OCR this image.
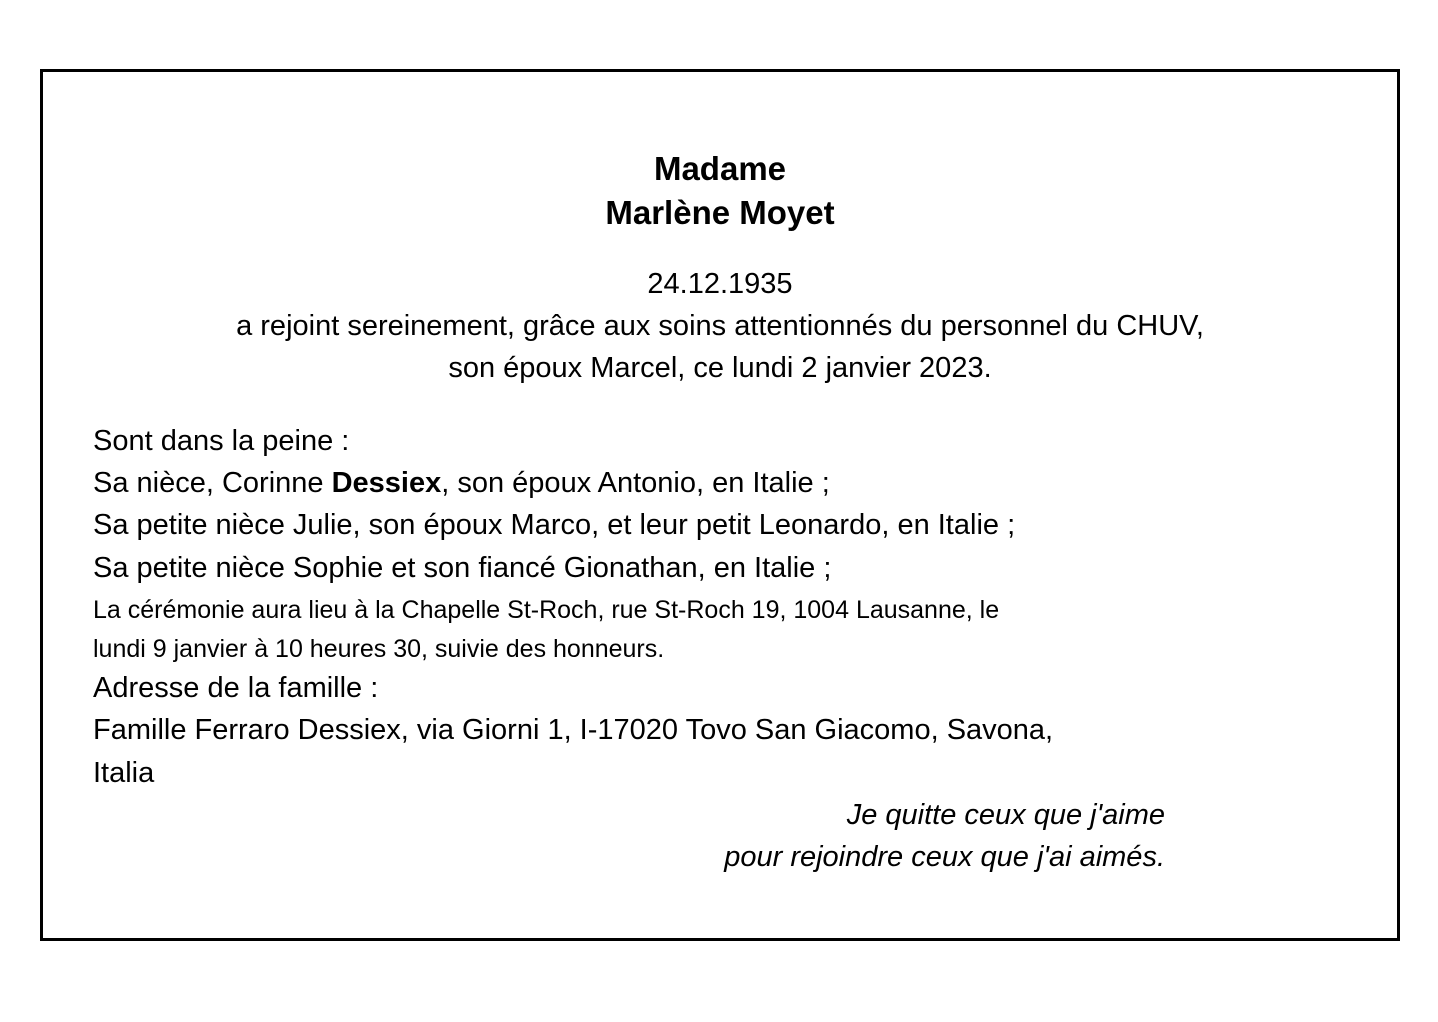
Madame
Marlène Moyet
24.12.1935
a rejoint sereinement, grâce aux soins attentionnés du personnel du CHUV,
son époux Marcel, ce lundi 2 janvier 2023.
Sont dans la peine :
Sa nièce, Corinne Dessiex, son époux Antonio, en Italie ;
Sa petite nièce Julie, son époux Marco, et leur petit Leonardo, en Italie ;
Sa petite nièce Sophie et son fiancé Gionathan, en Italie ;
La cérémonie aura lieu à la Chapelle St-Roch, rue St-Roch 19, 1004 Lausanne, le
lundi 9 janvier à 10 heures 30, suivie des honneurs.
Adresse de la famille :
Famille Ferraro Dessiex, via Giorni 1, I-17020 Tovo San Giacomo, Savona,
Italia
Je quitte ceux que j'aime
pour rejoindre ceux que j'ai aimés.
